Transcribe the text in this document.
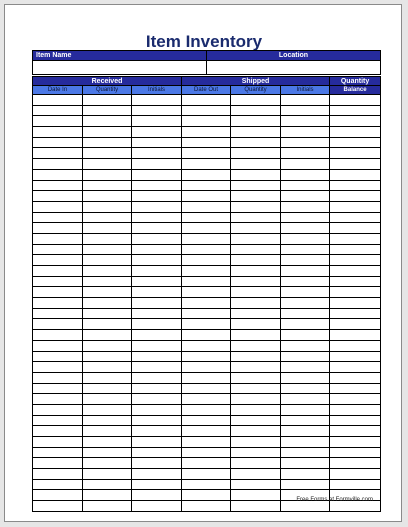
Item Inventory
Item Name	Location

Received			Shipped			Quantity
Date In	Quantity	Initials	Date Out	Quantity	Initials	Balance

Free Forms at Formville.com
